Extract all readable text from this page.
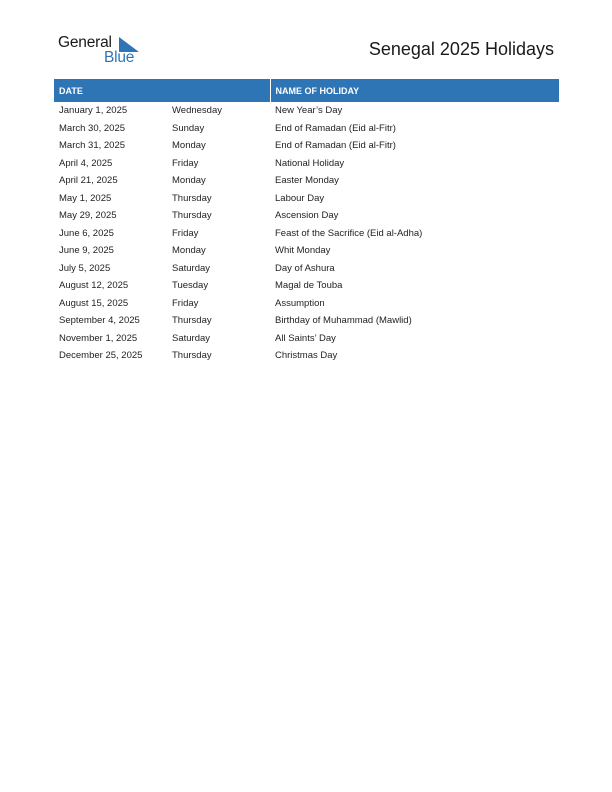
General
Blue	Senegal 2025 Holidays
DATE		NAME OF HOLIDAY
January 1, 2025	Wednesday	New Year’s Day
March 30, 2025	Sunday	End of Ramadan (Eid al-Fitr)
March 31, 2025	Monday	End of Ramadan (Eid al-Fitr)
April 4, 2025	Friday	National Holiday
April 21, 2025	Monday	Easter Monday
May 1, 2025	Thursday	Labour Day
May 29, 2025	Thursday	Ascension Day
June 6, 2025	Friday	Feast of the Sacrifice (Eid al-Adha)
June 9, 2025	Monday	Whit Monday
July 5, 2025	Saturday	Day of Ashura
August 12, 2025	Tuesday	Magal de Touba
August 15, 2025	Friday	Assumption
September 4, 2025	Thursday	Birthday of Muhammad (Mawlid)
November 1, 2025	Saturday	All Saints’ Day
December 25, 2025	Thursday	Christmas Day
